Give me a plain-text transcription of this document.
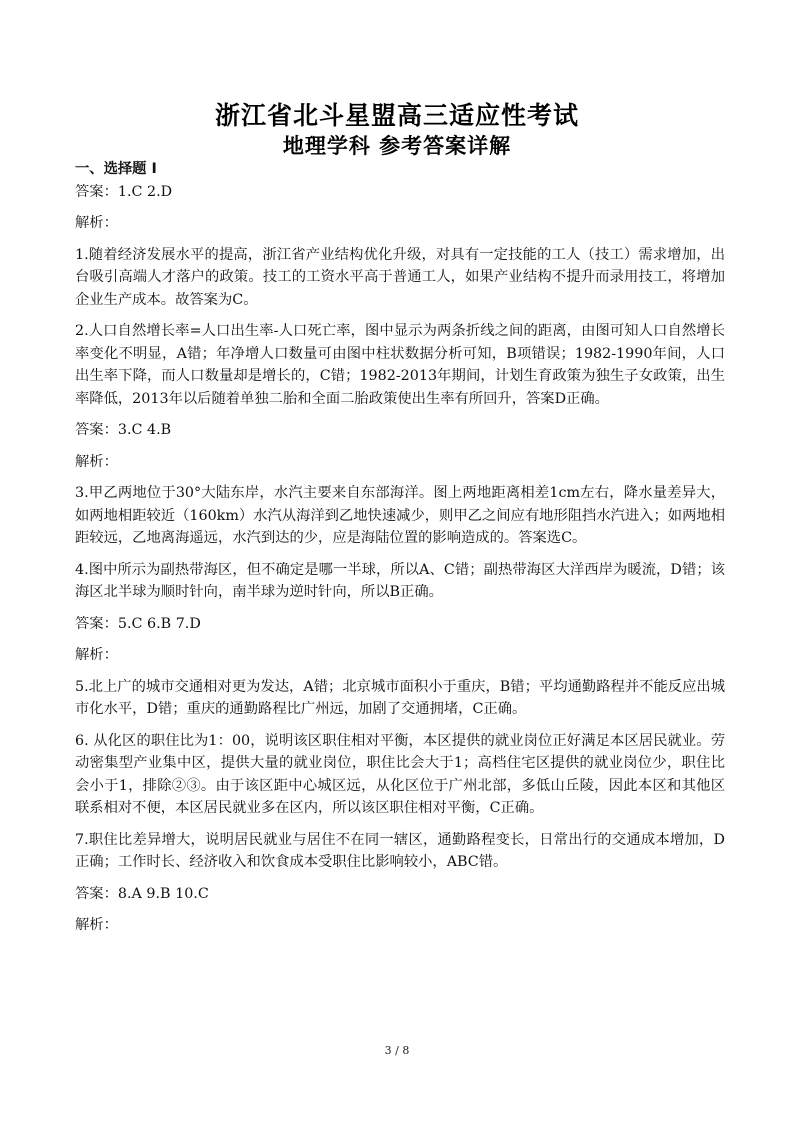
浙江省北斗星盟高三适应性考试
地理学科 参考答案详解

一、选择题 I

答案：1.C 2.D

解析：

1.随着经济发展水平的提高，浙江省产业结构优化升级，对具有一定技能的工人（技工）需求增加，出台吸引高端人才落户的政策。技工的工资水平高于普通工人，如果产业结构不提升而录用技工，将增加企业生产成本。故答案为C。

2.人口自然增长率=人口出生率-人口死亡率，图中显示为两条折线之间的距离，由图可知人口自然增长率变化不明显，A错；年净增人口数量可由图中柱状数据分析可知，B项错误；1982-1990年间，人口出生率下降，而人口数量却是增长的，C错；1982-2013年期间，计划生育政策为独生子女政策，出生率降低，2013年以后随着单独二胎和全面二胎政策使出生率有所回升，答案D正确。

答案：3.C 4.B

解析：

3.甲乙两地位于30°大陆东岸，水汽主要来自东部海洋。图上两地距离相差1cm左右，降水量差异大，如两地相距较近（160km）水汽从海洋到乙地快速减少，则甲乙之间应有地形阻挡水汽进入；如两地相距较远，乙地离海遥远，水汽到达的少，应是海陆位置的影响造成的。答案选C。

4.图中所示为副热带海区，但不确定是哪一半球，所以A、C错；副热带海区大洋西岸为暖流，D错；该海区北半球为顺时针向，南半球为逆时针向，所以B正确。

答案：5.C 6.B 7.D

解析：

5.北上广的城市交通相对更为发达，A错；北京城市面积小于重庆，B错；平均通勤路程并不能反应出城市化水平，D错；重庆的通勤路程比广州远，加剧了交通拥堵，C正确。

6. 从化区的职住比为1：00，说明该区职住相对平衡，本区提供的就业岗位正好满足本区居民就业。劳动密集型产业集中区，提供大量的就业岗位，职住比会大于1；高档住宅区提供的就业岗位少，职住比会小于1，排除②③。由于该区距中心城区远，从化区位于广州北部，多低山丘陵，因此本区和其他区联系相对不便，本区居民就业多在区内，所以该区职住相对平衡，C正确。

7.职住比差异增大，说明居民就业与居住不在同一辖区，通勤路程变长，日常出行的交通成本增加，D正确；工作时长、经济收入和饮食成本受职住比影响较小，ABC错。

答案：8.A 9.B 10.C

解析：

3 / 8
